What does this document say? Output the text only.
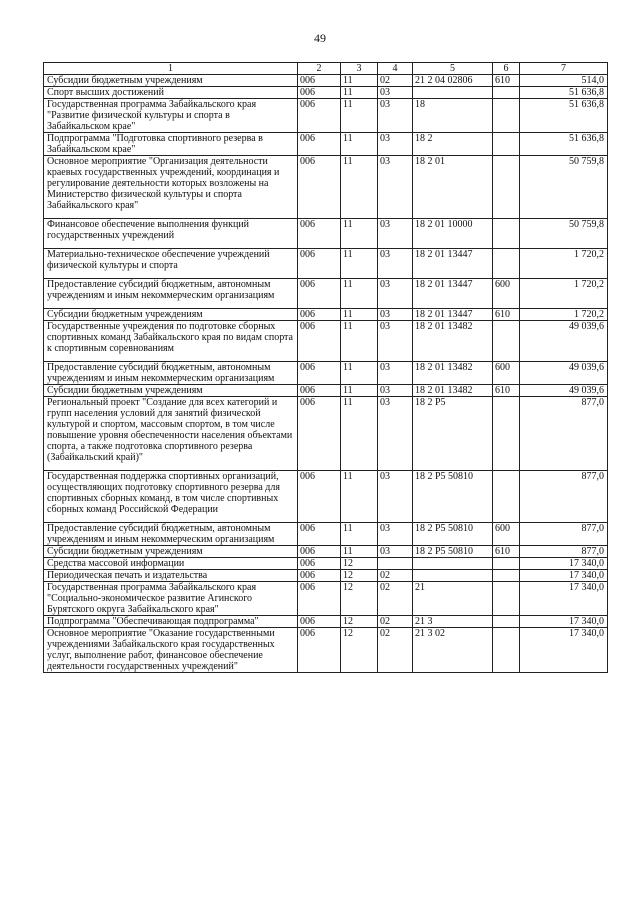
49
1	2	3	4	5	6	7
Субсидии бюджетным учреждениям	006	11	02	21 2 04 02806	610	514,0
Спорт высших достижений	006	11	03			51 636,8
Государственная программа Забайкальского края "Развитие физической культуры и спорта в Забайкальском крае"	006	11	03	18		51 636,8
Подпрограмма "Подготовка спортивного резерва в Забайкальском крае"	006	11	03	18 2		51 636,8
Основное мероприятие "Организация деятельности краевых государственных учреждений, координация и регулирование деятельности которых возложены на Министерство физической культуры и спорта Забайкальского края"	006	11	03	18 2 01		50 759,8
Финансовое обеспечение выполнения функций государственных учреждений	006	11	03	18 2 01 10000		50 759,8
Материально-техническое обеспечение учреждений физической культуры и спорта	006	11	03	18 2 01 13447		1 720,2
Предоставление субсидий бюджетным, автономным учреждениям и иным некоммерческим организациям	006	11	03	18 2 01 13447	600	1 720,2
Субсидии бюджетным учреждениям	006	11	03	18 2 01 13447	610	1 720,2
Государственные учреждения по подготовке сборных спортивных команд Забайкальского края по видам спорта к спортивным соревнованиям	006	11	03	18 2 01 13482		49 039,6
Предоставление субсидий бюджетным, автономным учреждениям и иным некоммерческим организациям	006	11	03	18 2 01 13482	600	49 039,6
Субсидии бюджетным учреждениям	006	11	03	18 2 01 13482	610	49 039,6
Региональный проект "Создание для всех категорий и групп населения условий для занятий физической культурой и спортом, массовым спортом, в том числе повышение уровня обеспеченности населения объектами спорта, а также подготовка спортивного резерва (Забайкальский край)"	006	11	03	18 2 P5		877,0
Государственная поддержка спортивных организаций, осуществляющих подготовку спортивного резерва для спортивных сборных команд, в том числе спортивных сборных команд Российской Федерации	006	11	03	18 2 P5 50810		877,0
Предоставление субсидий бюджетным, автономным учреждениям и иным некоммерческим организациям	006	11	03	18 2 P5 50810	600	877,0
Субсидии бюджетным учреждениям	006	11	03	18 2 P5 50810	610	877,0
Средства массовой информации	006	12				17 340,0
Периодическая печать и издательства	006	12	02			17 340,0
Государственная программа Забайкальского края "Социально-экономическое развитие Агинского Бурятского округа Забайкальского края"	006	12	02	21		17 340,0
Подпрограмма "Обеспечивающая подпрограмма"	006	12	02	21 3		17 340,0
Основное мероприятие "Оказание государственными учреждениями Забайкальского края государственных услуг, выполнение работ, финансовое обеспечение деятельности государственных учреждений"	006	12	02	21 3 02		17 340,0
